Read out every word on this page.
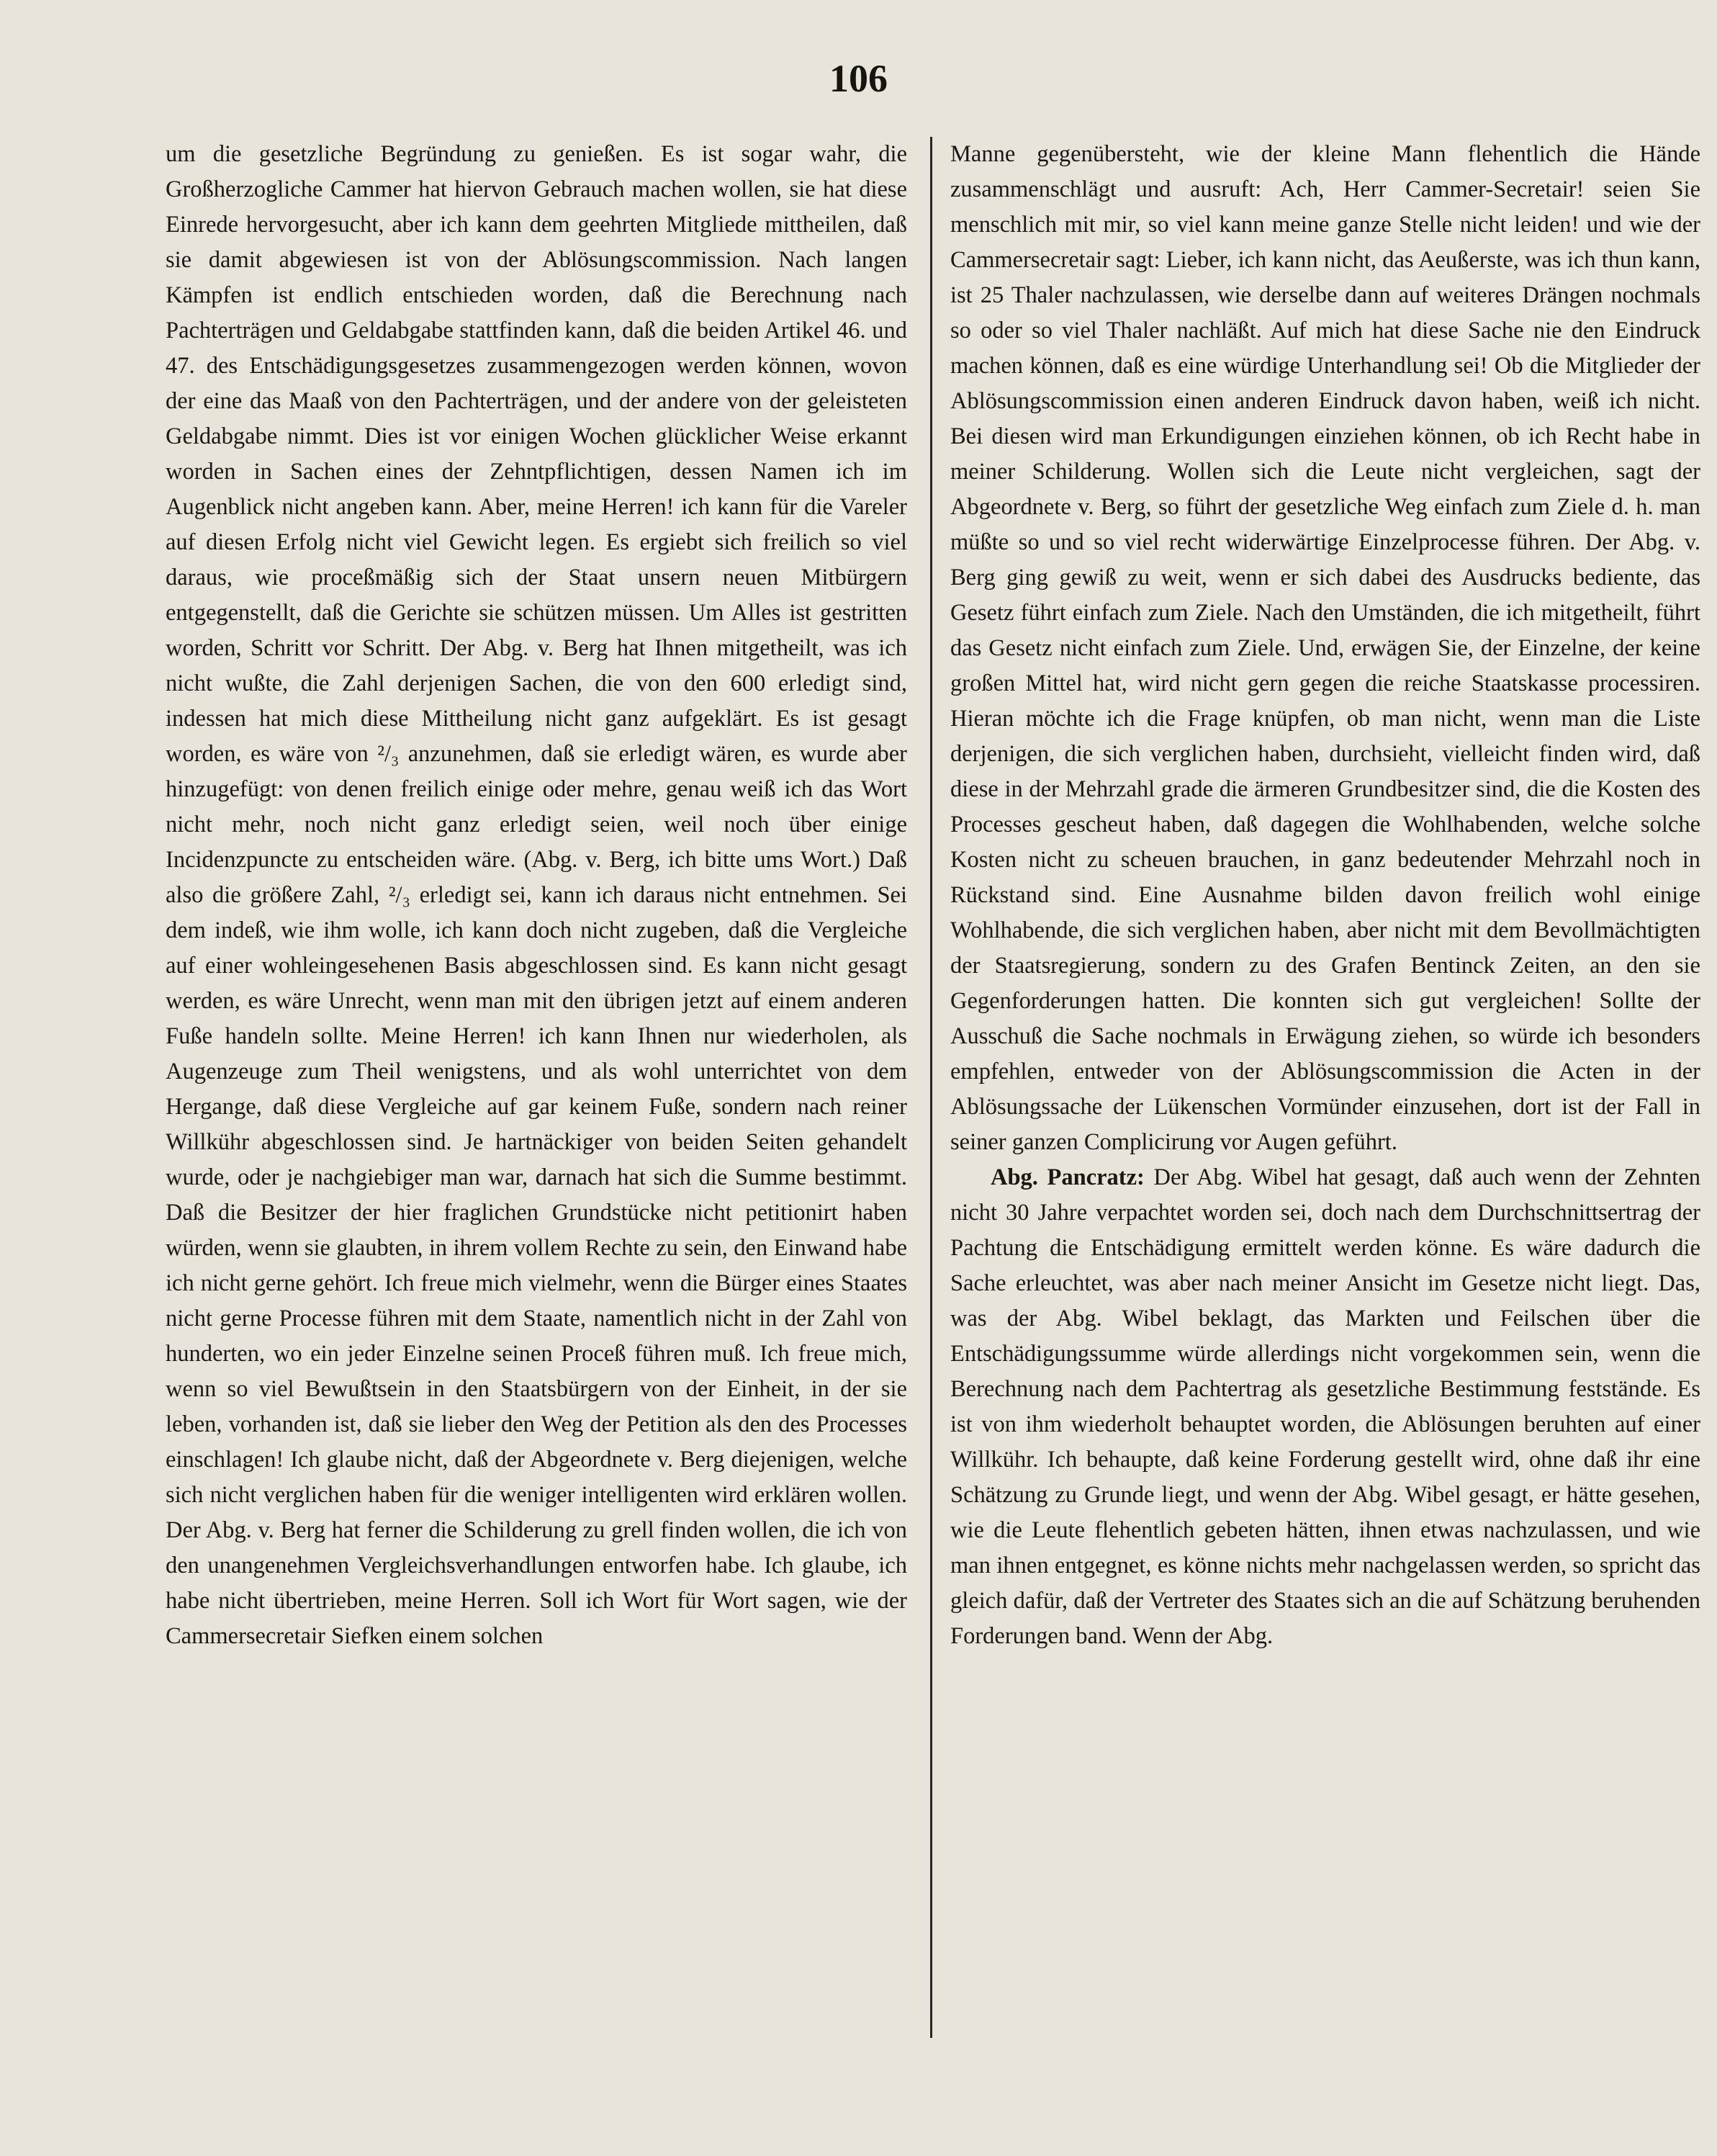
106

um die gesetzliche Begründung zu genießen. Es ist sogar wahr, die Großherzogliche Cammer hat hiervon Gebrauch machen wollen, sie hat diese Einrede hervorgesucht, aber ich kann dem geehrten Mitgliede mittheilen, daß sie damit abgewiesen ist von der Ablösungscommission. Nach langen Kämpfen ist endlich entschieden worden, daß die Berechnung nach Pachterträgen und Geldabgabe stattfinden kann, daß die beiden Artikel 46. und 47. des Entschädigungsgesetzes zusammengezogen werden können, wovon der eine das Maaß von den Pachterträgen, und der andere von der geleisteten Geldabgabe nimmt. Dies ist vor einigen Wochen glücklicher Weise erkannt worden in Sachen eines der Zehntpflichtigen, dessen Namen ich im Augenblick nicht angeben kann. Aber, meine Herren! ich kann für die Vareler auf diesen Erfolg nicht viel Gewicht legen. Es ergiebt sich freilich so viel daraus, wie proceßmäßig sich der Staat unsern neuen Mitbürgern entgegenstellt, daß die Gerichte sie schützen müssen. Um Alles ist gestritten worden, Schritt vor Schritt. Der Abg. v. Berg hat Ihnen mitgetheilt, was ich nicht wußte, die Zahl derjenigen Sachen, die von den 600 erledigt sind, indessen hat mich diese Mittheilung nicht ganz aufgeklärt. Es ist gesagt worden, es wäre von ²/₃ anzunehmen, daß sie erledigt wären, es wurde aber hinzugefügt: von denen freilich einige oder mehre, genau weiß ich das Wort nicht mehr, noch nicht ganz erledigt seien, weil noch über einige Incidenzpuncte zu entscheiden wäre. (Abg. v. Berg, ich bitte ums Wort.) Daß also die größere Zahl, ²/₃ erledigt sei, kann ich daraus nicht entnehmen. Sei dem indeß, wie ihm wolle, ich kann doch nicht zugeben, daß die Vergleiche auf einer wohleingesehenen Basis abgeschlossen sind. Es kann nicht gesagt werden, es wäre Unrecht, wenn man mit den übrigen jetzt auf einem anderen Fuße handeln sollte. Meine Herren! ich kann Ihnen nur wiederholen, als Augenzeuge zum Theil wenigstens, und als wohl unterrichtet von dem Hergange, daß diese Vergleiche auf gar keinem Fuße, sondern nach reiner Willkühr abgeschlossen sind. Je hartnäckiger von beiden Seiten gehandelt wurde, oder je nachgiebiger man war, darnach hat sich die Summe bestimmt. Daß die Besitzer der hier fraglichen Grundstücke nicht petitionirt haben würden, wenn sie glaubten, in ihrem vollem Rechte zu sein, den Einwand habe ich nicht gerne gehört. Ich freue mich vielmehr, wenn die Bürger eines Staates nicht gerne Processe führen mit dem Staate, namentlich nicht in der Zahl von hunderten, wo ein jeder Einzelne seinen Proceß führen muß. Ich freue mich, wenn so viel Bewußtsein in den Staatsbürgern von der Einheit, in der sie leben, vorhanden ist, daß sie lieber den Weg der Petition als den des Processes einschlagen! Ich glaube nicht, daß der Abgeordnete v. Berg diejenigen, welche sich nicht verglichen haben für die weniger intelligenten wird erklären wollen. Der Abg. v. Berg hat ferner die Schilderung zu grell finden wollen, die ich von den unangenehmen Vergleichsverhandlungen entworfen habe. Ich glaube, ich habe nicht übertrieben, meine Herren. Soll ich Wort für Wort sagen, wie der Cammersecretair Siefken einem solchen

Manne gegenübersteht, wie der kleine Mann flehentlich die Hände zusammenschlägt und ausruft: Ach, Herr Cammer-Secretair! seien Sie menschlich mit mir, so viel kann meine ganze Stelle nicht leiden! und wie der Cammersecretair sagt: Lieber, ich kann nicht, das Aeußerste, was ich thun kann, ist 25 Thaler nachzulassen, wie derselbe dann auf weiteres Drängen nochmals so oder so viel Thaler nachläßt. Auf mich hat diese Sache nie den Eindruck machen können, daß es eine würdige Unterhandlung sei! Ob die Mitglieder der Ablösungscommission einen anderen Eindruck davon haben, weiß ich nicht. Bei diesen wird man Erkundigungen einziehen können, ob ich Recht habe in meiner Schilderung. Wollen sich die Leute nicht vergleichen, sagt der Abgeordnete v. Berg, so führt der gesetzliche Weg einfach zum Ziele d. h. man müßte so und so viel recht widerwärtige Einzelprocesse führen. Der Abg. v. Berg ging gewiß zu weit, wenn er sich dabei des Ausdrucks bediente, das Gesetz führt einfach zum Ziele. Nach den Umständen, die ich mitgetheilt, führt das Gesetz nicht einfach zum Ziele. Und, erwägen Sie, der Einzelne, der keine großen Mittel hat, wird nicht gern gegen die reiche Staatskasse processiren. Hieran möchte ich die Frage knüpfen, ob man nicht, wenn man die Liste derjenigen, die sich verglichen haben, durchsieht, vielleicht finden wird, daß diese in der Mehrzahl grade die ärmeren Grundbesitzer sind, die die Kosten des Processes gescheut haben, daß dagegen die Wohlhabenden, welche solche Kosten nicht zu scheuen brauchen, in ganz bedeutender Mehrzahl noch in Rückstand sind. Eine Ausnahme bilden davon freilich wohl einige Wohlhabende, die sich verglichen haben, aber nicht mit dem Bevollmächtigten der Staatsregierung, sondern zu des Grafen Bentinck Zeiten, an den sie Gegenforderungen hatten. Die konnten sich gut vergleichen! Sollte der Ausschuß die Sache nochmals in Erwägung ziehen, so würde ich besonders empfehlen, entweder von der Ablösungscommission die Acten in der Ablösungssache der Lükenschen Vormünder einzusehen, dort ist der Fall in seiner ganzen Complicirung vor Augen geführt.

Abg. Pancratz: Der Abg. Wibel hat gesagt, daß auch wenn der Zehnten nicht 30 Jahre verpachtet worden sei, doch nach dem Durchschnittsertrag der Pachtung die Entschädigung ermittelt werden könne. Es wäre dadurch die Sache erleuchtet, was aber nach meiner Ansicht im Gesetze nicht liegt. Das, was der Abg. Wibel beklagt, das Markten und Feilschen über die Entschädigungssumme würde allerdings nicht vorgekommen sein, wenn die Berechnung nach dem Pachtertrag als gesetzliche Bestimmung feststände. Es ist von ihm wiederholt behauptet worden, die Ablösungen beruhten auf einer Willkühr. Ich behaupte, daß keine Forderung gestellt wird, ohne daß ihr eine Schätzung zu Grunde liegt, und wenn der Abg. Wibel gesagt, er hätte gesehen, wie die Leute flehentlich gebeten hätten, ihnen etwas nachzulassen, und wie man ihnen entgegnet, es könne nichts mehr nachgelassen werden, so spricht das gleich dafür, daß der Vertreter des Staates sich an die auf Schätzung beruhenden Forderungen band. Wenn der Abg.
